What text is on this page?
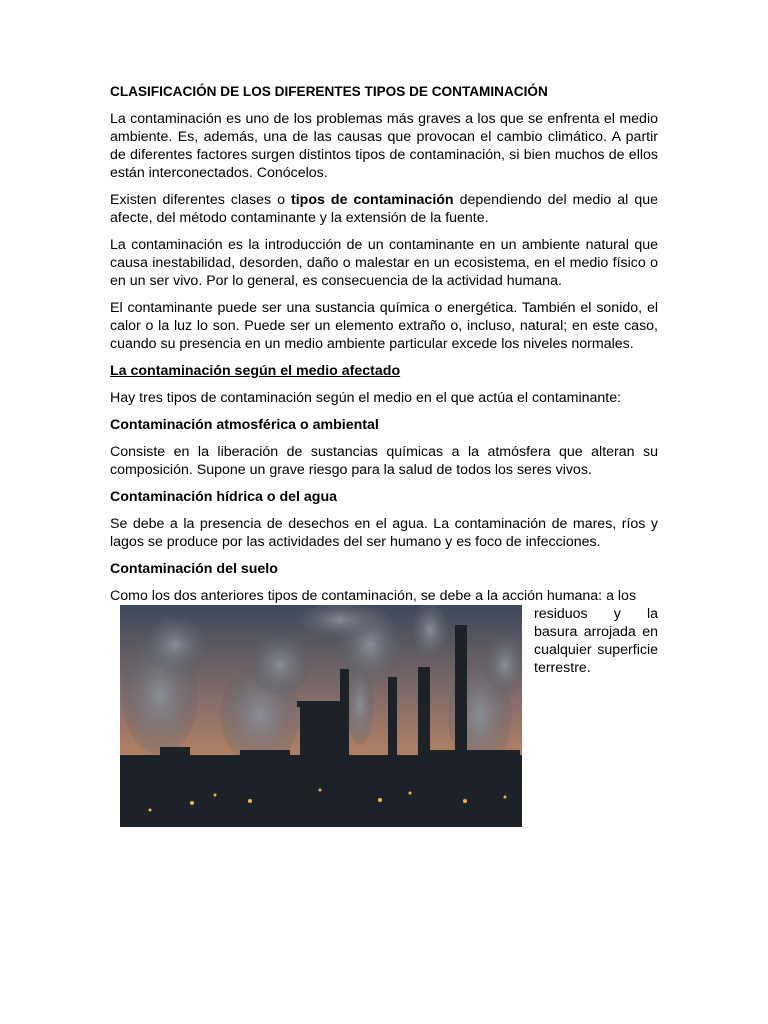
CLASIFICACIÓN DE LOS DIFERENTES TIPOS DE CONTAMINACIÓN

La contaminación es uno de los problemas más graves a los que se enfrenta el medio ambiente. Es, además, una de las causas que provocan el cambio climático. A partir de diferentes factores surgen distintos tipos de contaminación, si bien muchos de ellos están interconectados. Conócelos.

Existen diferentes clases o tipos de contaminación dependiendo del medio al que afecte, del método contaminante y la extensión de la fuente.

La contaminación es la introducción de un contaminante en un ambiente natural que causa inestabilidad, desorden, daño o malestar en un ecosistema, en el medio físico o en un ser vivo. Por lo general, es consecuencia de la actividad humana.

El contaminante puede ser una sustancia química o energética. También el sonido, el calor o la luz lo son. Puede ser un elemento extraño o, incluso, natural; en este caso, cuando su presencia en un medio ambiente particular excede los niveles normales.

La contaminación según el medio afectado

Hay tres tipos de contaminación según el medio en el que actúa el contaminante:

Contaminación atmosférica o ambiental

Consiste en la liberación de sustancias químicas a la atmósfera que alteran su composición. Supone un grave riesgo para la salud de todos los seres vivos.

Contaminación hídrica o del agua

Se debe a la presencia de desechos en el agua. La contaminación de mares, ríos y lagos se produce por las actividades del ser humano y es foco de infecciones.

Contaminación del suelo

Como los dos anteriores tipos de contaminación, se debe a la acción humana: a los

residuos y la basura arrojada en cualquier superficie terrestre.
